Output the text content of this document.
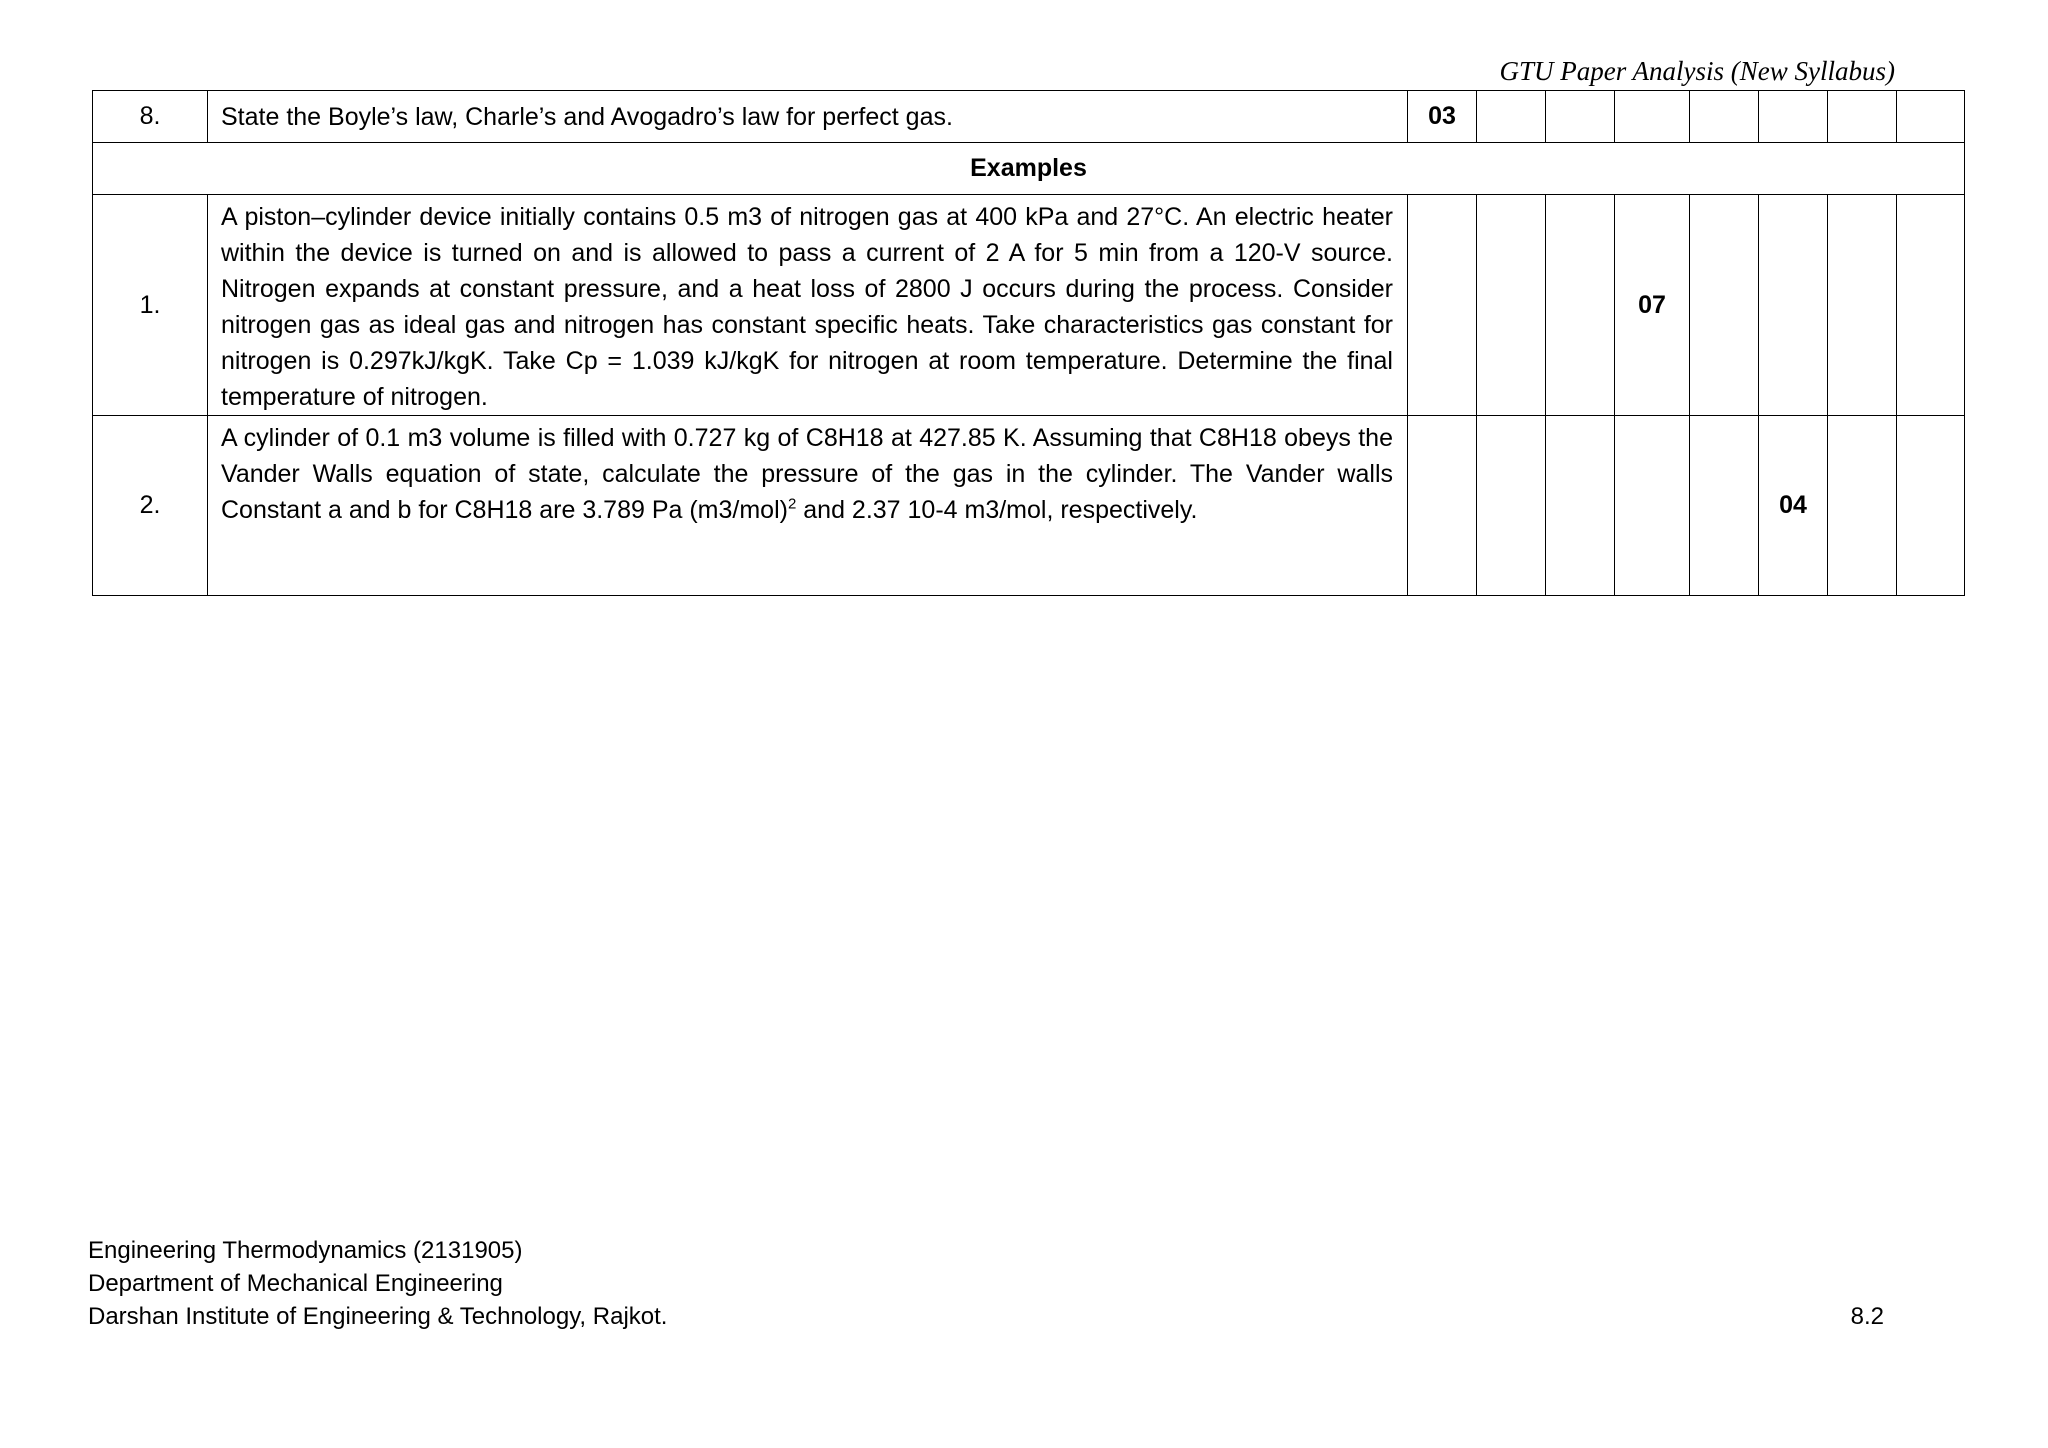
GTU Paper Analysis (New Syllabus)
8.	State the Boyle’s law, Charle’s and Avogadro’s law for perfect gas.	03							
Examples									
1.	A piston–cylinder device initially contains 0.5 m3 of nitrogen gas at 400 kPa and 27°C. An electric heater within the device is turned on and is allowed to pass a current of 2 A for 5 min from a 120-V source. Nitrogen expands at constant pressure, and a heat loss of 2800 J occurs during the process. Consider nitrogen gas as ideal gas and nitrogen has constant specific heats. Take characteristics gas constant for nitrogen is 0.297kJ/kgK. Take Cp = 1.039 kJ/kgK for nitrogen at room temperature. Determine the final temperature of nitrogen.				07				
2.	A cylinder of 0.1 m3 volume is filled with 0.727 kg of C8H18 at 427.85 K. Assuming that C8H18 obeys the Vander Walls equation of state, calculate the pressure of the gas in the cylinder. The Vander walls Constant a and b for C8H18 are 3.789 Pa $(m3/mol)^2$ and 2.37 10-4 m3/mol, respectively.						04		
Engineering Thermodynamics (2131905)
Department of Mechanical Engineering
Darshan Institute of Engineering & Technology, Rajkot.	8.2
